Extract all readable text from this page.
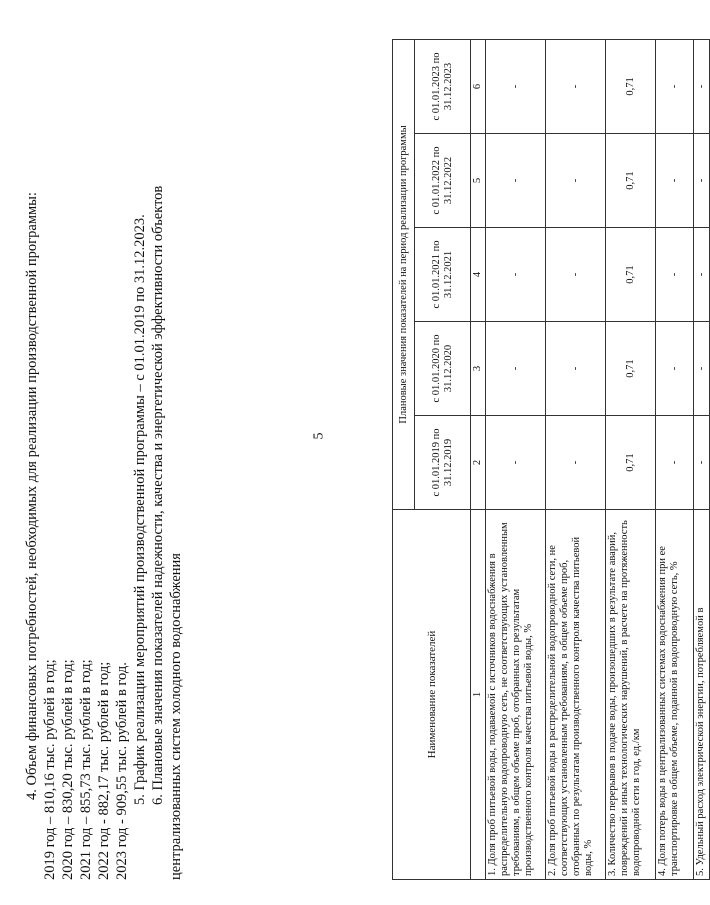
5
4. Объем финансовых потребностей, необходимых для реализации производственной программы: 2019 год – 810,16 тыс. рублей в год; 2020 год – 830,20 тыс. рублей в год; 2021 год – 855,73 тыс. рублей в год; 2022 год - 882,17 тыс. рублей в год; 2023 год - 909,55 тыс. рублей в год. 5. График реализации мероприятий производственной программы – с 01.01.2019 по 31.12.2023. 6. Плановые значения показателей надежности, качества и энергетической эффективности объектов централизованных систем холодного водоснабжения	Наименование показателей	Плановые значения показателей на период реализации программы				
	с 01.01.2019 по 31.12.2019	с 01.01.2020 по 31.12.2020	с 01.01.2021 по 31.12.2021	с 01.01.2022 по 31.12.2022	с 01.01.2023 по 31.12.2023
1	2	3	4	5	6
1. Доля проб питьевой воды, подаваемой с источников водоснабжения в распределительную водопроводную сеть, не соответствующих установленным требованиям, в общем объеме проб, отобранных по результатам производственного контроля качества питьевой воды, %	-	-	-	-	-
2. Доля проб питьевой воды в распределительной водопроводной сети, не соответствующих установленным требованиям, в общем объеме проб, отобранных по результатам производственного контроля качества питьевой воды, %	-	-	-	-	-
3. Количество перерывов в подаче воды, произошедших в результате аварий, повреждений и иных технологических нарушений, в расчете на протяженность водопроводной сети в год, ед./км	0,71	0,71	0,71	0,71	0,71
4. Доля потерь воды в централизованных системах водоснабжения при ее транспортировке в общем объеме, поданной в водопроводную сеть, %	-	-	-	-	-
5. Удельный расход электрической энергии, потребляемой в	-	-	-	-	-
